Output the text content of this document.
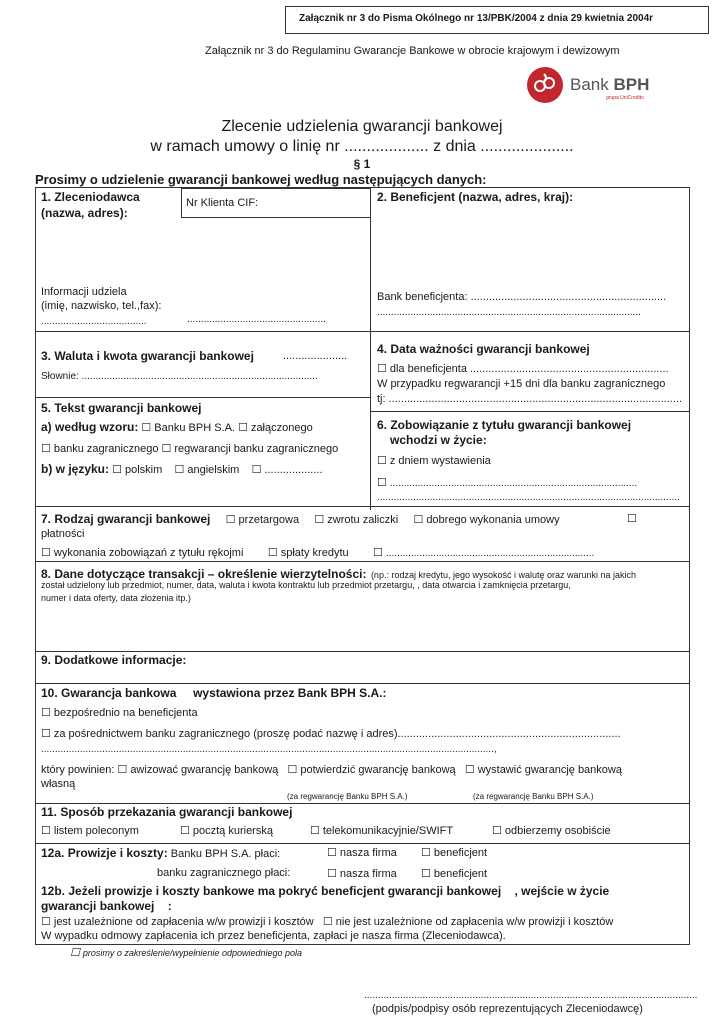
Załącznik nr 3 do Pisma Okólnego nr 13/PBK/2004 z dnia 29 kwietnia 2004r
Załącznik nr 3 do Regulaminu Gwarancje Bankowe w obrocie krajowym i dewizowym
Bank BPH
grupa UniCredito
Zlecenie udzielenia gwarancji bankowej
w ramach umowy o linię nr ................... z dnia .....................
§ 1
Prosimy o udzielenie gwarancji bankowej według następujących danych:
1. Zleceniodawca
(nazwa, adres):
Nr Klienta CIF:
Informacji udziela
(imię, nazwisko, tel.,fax):
......................................	..................................................
2. Beneficjent (nazwa, adres, kraj):
Bank beneficjenta: ................................................................
...............................................................................................
3. Waluta i kwota gwarancji bankowej	.....................
Słownie: .....................................................................................
4. Data ważności gwarancji bankowej
☐ dla beneficjenta .................................................................
W przypadku regwarancji +15 dni dla banku zagranicznego
tj: ................................................................................................
5. Tekst gwarancji bankowej
a) według wzoru: ☐ Banku BPH S.A. ☐ załączonego
☐ banku zagranicznego ☐ regwarancji banku zagranicznego
b) w języku: ☐ polskim ☐ angielskim ☐ ...................
6. Zobowiązanie z tytułu gwarancji bankowej
wchodzi w życie:
☐ z dniem wystawienia
☐ .........................................................................................
.............................................................................................................
7. Rodzaj gwarancji bankowej	☐ przetargowa	☐ zwrotu zaliczki	☐ dobrego wykonania umowy
☐
płatności
☐ wykonania zobowiązań z tytułu rękojmi	☐ spłaty kredytu	☐ ...........................................................................
8. Dane dotyczące transakcji – określenie wierzytelności: (np.: rodzaj kredytu, jego wysokość i walutę oraz warunki na jakich
został udzielony lub przedmiot, numer, data, waluta i kwota kontraktu lub przedmiot przetargu, , data otwarcia i zamknięcia przetargu,
numer i data oferty, data złożenia itp.)
9. Dodatkowe informacje:
10. Gwarancja bankowa wystawiona przez Bank BPH S.A.:
☐ bezpośrednio na beneficjenta
☐ za pośrednictwem banku zagranicznego (proszę podać nazwę i adres).........................................................................
...................................................................................................................................................................,
który powinien: ☐ awizować gwarancję bankową ☐ potwierdzić gwarancję bankową ☐ wystawić gwarancję bankową
własną
(za regwarancję Banku BPH S.A.)	(za regwarancję Banku BPH S.A.)
11. Sposób przekazania gwarancji bankowej
☐ listem poleconym	☐ pocztą kurierską	☐ telekomunikacyjnie/SWIFT	☐ odbierzemy osobiście
12a. Prowizje i koszty: Banku BPH S.A. płaci:	☐ nasza firma	☐ beneficjent
banku zagranicznego płaci:	☐ nasza firma	☐ beneficjent
12b. Jeżeli prowizje i koszty bankowe ma pokryć beneficjent gwarancji bankowej , wejście w życie
gwarancji bankowej :
☐ jest uzależnione od zapłacenia w/w prowizji i kosztów ☐ nie jest uzależnione od zapłacenia w/w prowizji i kosztów
W wypadku odmowy zapłacenia ich przez beneficjenta, zapłaci je nasza firma (Zleceniodawca).
☐ prosimy o zakreślenie/wypełnienie odpowiedniego pola
........................................................................................................................
(podpis/podpisy osób reprezentujących Zleceniodawcę)
